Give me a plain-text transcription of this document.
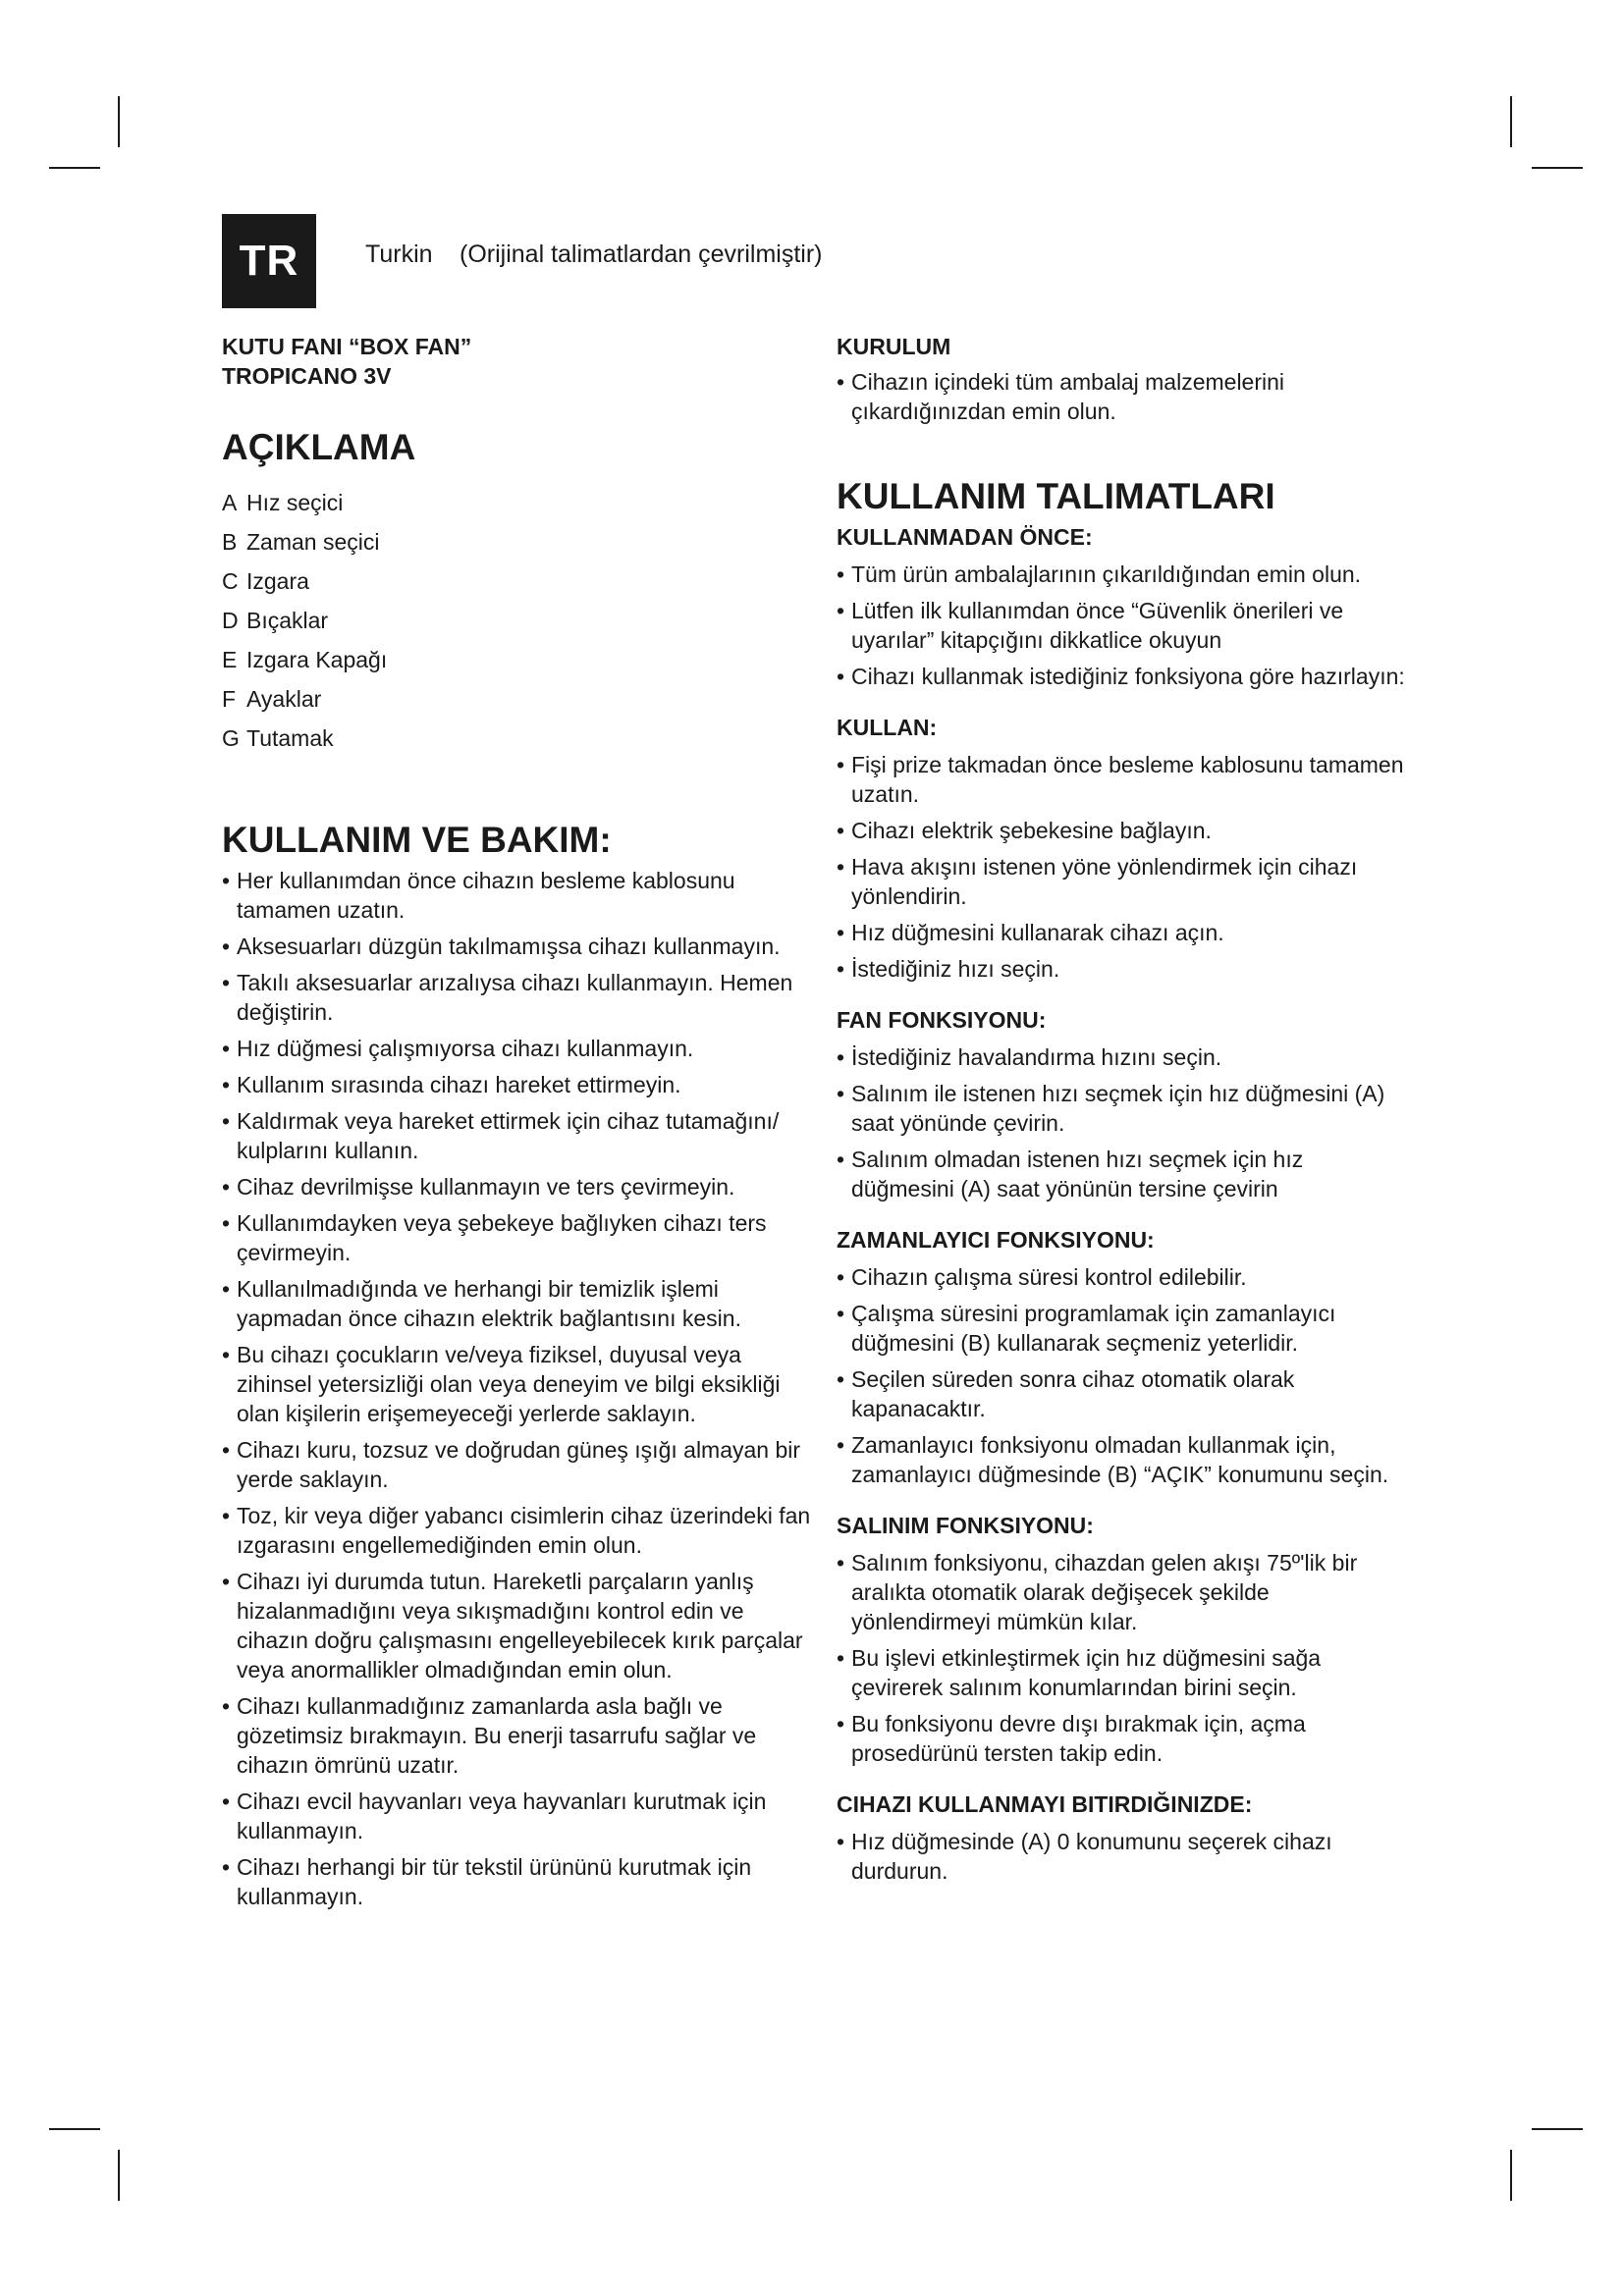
TR	Turkin (Orijinal talimatlardan çevrilmiştir)
KUTU FANI “BOX FAN”
TROPICANO 3V
AÇIKLAMA
A Hız seçici
B Zaman seçici
C Izgara
D Bıçaklar
E Izgara Kapağı
F Ayaklar
G Tutamak
KULLANIM VE BAKIM:
• Her kullanımdan önce cihazın besleme kablosunu tamamen uzatın.
• Aksesuarları düzgün takılmamışsa cihazı kullanmayın.
• Takılı aksesuarlar arızalıysa cihazı kullanmayın. Hemen değiştirin.
• Hız düğmesi çalışmıyorsa cihazı kullanmayın.
• Kullanım sırasında cihazı hareket ettirmeyin.
• Kaldırmak veya hareket ettirmek için cihaz tutamağını/ kulplarını kullanın.
• Cihaz devrilmişse kullanmayın ve ters çevirmeyin.
• Kullanımdayken veya şebekeye bağlıyken cihazı ters çevirmeyin.
• Kullanılmadığında ve herhangi bir temizlik işlemi yapmadan önce cihazın elektrik bağlantısını kesin.
• Bu cihazı çocukların ve/veya fiziksel, duyusal veya zihinsel yetersizliği olan veya deneyim ve bilgi eksikliği olan kişilerin erişemeyeceği yerlerde saklayın.
• Cihazı kuru, tozsuz ve doğrudan güneş ışığı almayan bir yerde saklayın.
• Toz, kir veya diğer yabancı cisimlerin cihaz üzerindeki fan ızgarasını engellemediğinden emin olun.
• Cihazı iyi durumda tutun. Hareketli parçaların yanlış hizalanmadığını veya sıkışmadığını kontrol edin ve cihazın doğru çalışmasını engelleyebilecek kırık parçalar veya anormallikler olmadığından emin olun.
• Cihazı kullanmadığınız zamanlarda asla bağlı ve gözetimsiz bırakmayın. Bu enerji tasarrufu sağlar ve cihazın ömrünü uzatır.
• Cihazı evcil hayvanları veya hayvanları kurutmak için kullanmayın.
• Cihazı herhangi bir tür tekstil ürününü kurutmak için kullanmayın.
KURULUM
• Cihazın içindeki tüm ambalaj malzemelerini çıkardığınızdan emin olun.
KULLANIM TALIMATLARI
KULLANMADAN ÖNCE:
• Tüm ürün ambalajlarının çıkarıldığından emin olun.
• Lütfen ilk kullanımdan önce “Güvenlik önerileri ve uyarılar” kitapçığını dikkatlice okuyun
• Cihazı kullanmak istediğiniz fonksiyona göre hazırlayın:
KULLAN:
• Fişi prize takmadan önce besleme kablosunu tamamen uzatın.
• Cihazı elektrik şebekesine bağlayın.
• Hava akışını istenen yöne yönlendirmek için cihazı yönlendirin.
• Hız düğmesini kullanarak cihazı açın.
• İstediğiniz hızı seçin.
FAN FONKSIYONU:
• İstediğiniz havalandırma hızını seçin.
• Salınım ile istenen hızı seçmek için hız düğmesini (A) saat yönünde çevirin.
• Salınım olmadan istenen hızı seçmek için hız düğmesini (A) saat yönünün tersine çevirin
ZAMANLAYICI FONKSIYONU:
• Cihazın çalışma süresi kontrol edilebilir.
• Çalışma süresini programlamak için zamanlayıcı düğmesini (B) kullanarak seçmeniz yeterlidir.
• Seçilen süreden sonra cihaz otomatik olarak kapanacaktır.
• Zamanlayıcı fonksiyonu olmadan kullanmak için, zamanlayıcı düğmesinde (B) “AÇIK” konumunu seçin.
SALINIM FONKSIYONU:
• Salınım fonksiyonu, cihazdan gelen akışı 75º'lik bir aralıkta otomatik olarak değişecek şekilde yönlendirmeyi mümkün kılar.
• Bu işlevi etkinleştirmek için hız düğmesini sağa çevirerek salınım konumlarından birini seçin.
• Bu fonksiyonu devre dışı bırakmak için, açma prosedürünü tersten takip edin.
CIHAZI KULLANMAYI BITIRDIĞINIZDE:
• Hız düğmesinde (A) 0 konumunu seçerek cihazı durdurun.
